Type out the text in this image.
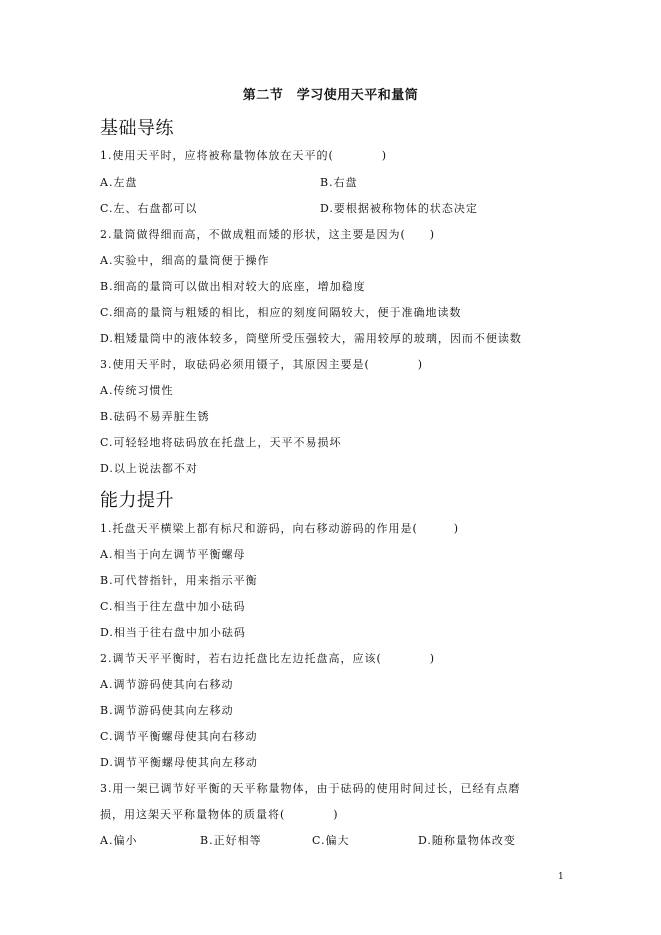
第二节　学习使用天平和量筒
基础导练
1.使用天平时，应将被称量物体放在天平的(　　　　)
A.左盘	B.右盘
C.左、右盘都可以	D.要根据被称物体的状态决定
2.量筒做得细而高，不做成粗而矮的形状，这主要是因为(　　)
A.实验中，细高的量筒便于操作
B.细高的量筒可以做出相对较大的底座，增加稳度
C.细高的量筒与粗矮的相比，相应的刻度间隔较大，便于准确地读数
D.粗矮量筒中的液体较多，筒壁所受压强较大，需用较厚的玻璃，因而不便读数
3.使用天平时，取砝码必须用镊子，其原因主要是(　　　　)
A.传统习惯性
B.砝码不易弄脏生锈
C.可轻轻地将砝码放在托盘上，天平不易损坏
D.以上说法都不对
能力提升
1.托盘天平横梁上都有标尺和游码，向右移动游码的作用是(　　　)
A.相当于向左调节平衡螺母
B.可代替指针，用来指示平衡
C.相当于往左盘中加小砝码
D.相当于往右盘中加小砝码
2.调节天平平衡时，若右边托盘比左边托盘高，应该(　　　　)
A.调节游码使其向右移动
B.调节游码使其向左移动
C.调节平衡螺母使其向右移动
D.调节平衡螺母使其向左移动
3.用一架已调节好平衡的天平称量物体，由于砝码的使用时间过长，已经有点磨
损，用这架天平称量物体的质量将(　　　　)
A.偏小	B.正好相等	C.偏大	D.随称量物体改变
1
